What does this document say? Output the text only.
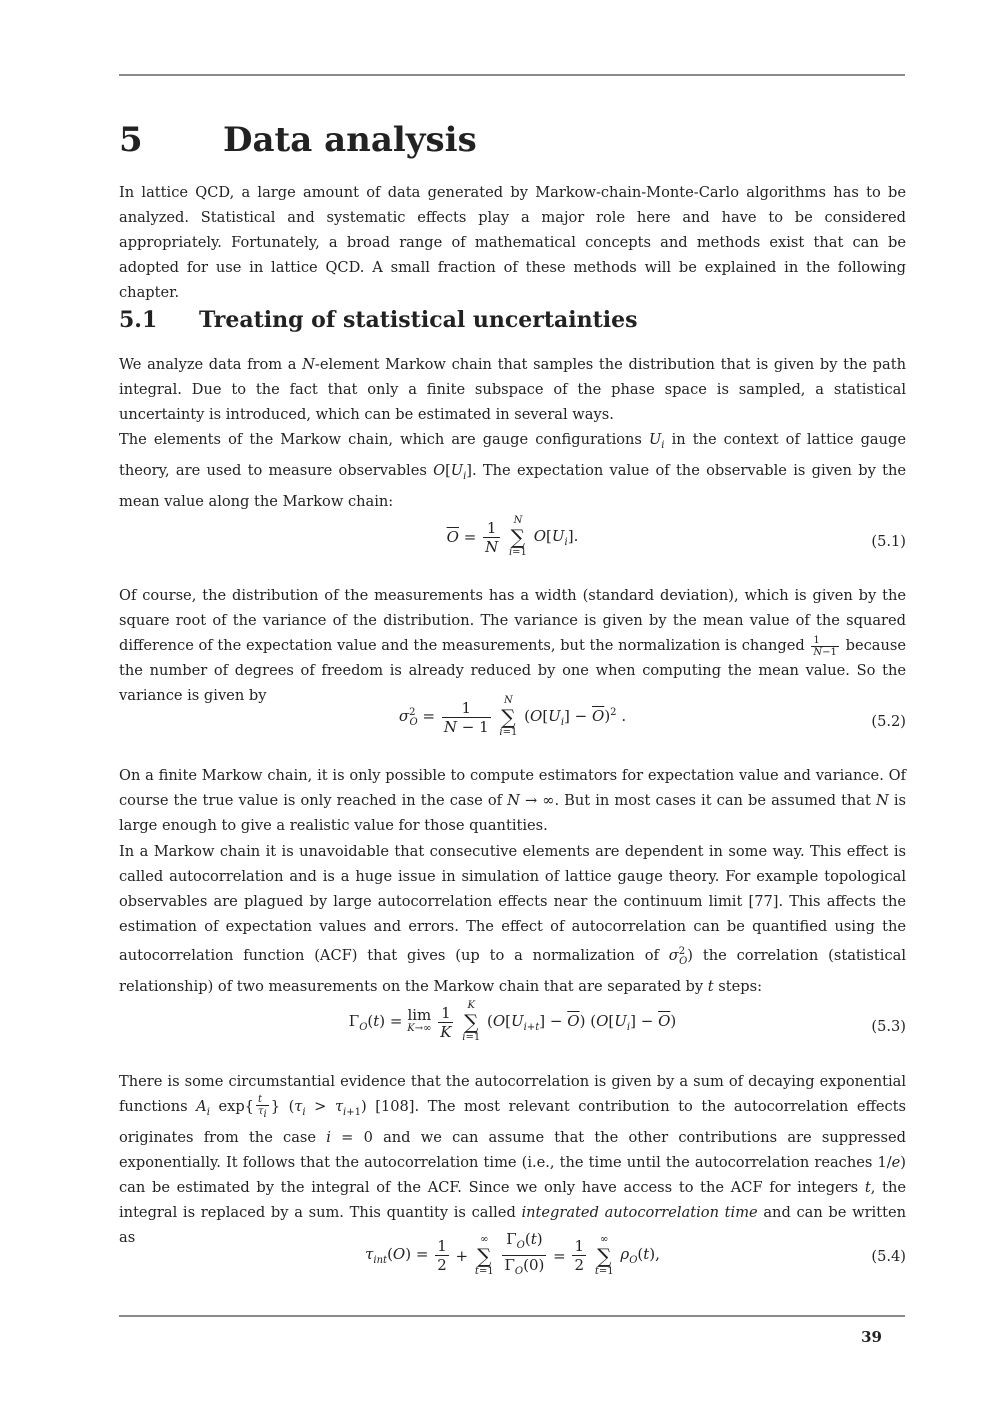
5 Data analysis

In lattice QCD, a large amount of data generated by Markow-chain-Monte-Carlo algorithms has to be analyzed. Statistical and systematic effects play a major role here and have to be considered appropriately. Fortunately, a broad range of mathematical concepts and methods exist that can be adopted for use in lattice QCD. A small fraction of these methods will be explained in the following chapter.

5.1 Treating of statistical uncertainties

We analyze data from a N-element Markow chain that samples the distribution that is given by the path integral. Due to the fact that only a finite subspace of the phase space is sampled, a statistical uncertainty is introduced, which can be estimated in several ways.

The elements of the Markow chain, which are gauge configurations $U_i$ in the context of lattice gauge theory, are used to measure observables $O[U_i]$. The expectation value of the observable is given by the mean value along the Markow chain:

$\overline{O} = \frac{1}{N}$
	N
∑
i=1
$O[U_i]$.	(5.1)

Of course, the distribution of the measurements has a width (standard deviation), which is given by the square root of the variance of the distribution. The variance is given by the mean value of the squared difference of the expectation value and the measurements, but the normalization is changed $\frac{1}{N-1}$ because the number of degrees of freedom is already reduced by one when computing the mean value. So the variance is given by

$\sigma^2_O = \frac{1}{N - 1}$
	N
∑
i=1
$(O[U_i] - \overline{O})^2$ .	(5.2)

On a finite Markow chain, it is only possible to compute estimators for expectation value and variance. Of course the true value is only reached in the case of N → ∞. But in most cases it can be assumed that N is large enough to give a realistic value for those quantities.

In a Markow chain it is unavoidable that consecutive elements are dependent in some way. This effect is called autocorrelation and is a huge issue in simulation of lattice gauge theory. For example topological observables are plagued by large autocorrelation effects near the continuum limit [77]. This affects the estimation of expectation values and errors. The effect of autocorrelation can be quantified using the autocorrelation function (ACF) that gives (up to a normalization of $\sigma^2_O$) the correlation (statistical relationship) of two measurements on the Markow chain that are separated by t steps:

$\Gamma_O(t) = \lim$
K→∞
$\frac{1}{K}$
	K
∑
i=1
$(O[U_{i+t}] - \overline{O}) (O[U_i] - \overline{O})$	(5.3)

There is some circumstantial evidence that the autocorrelation is given by a sum of decaying exponential functions $A_i$ $\exp\{ \frac{t}{\tau_i}$ } $(\tau_i > \tau_{i+1})$ [108]. The most relevant contribution to the autocorrelation effects originates from the case i = 0 and we can assume that the other contributions are suppressed exponentially. It follows that the autocorrelation time (i.e., the time until the autocorrelation reaches 1/e) can be estimated by the integral of the ACF. Since we only have access to the ACF for integers t, the integral is replaced by a sum. This quantity is called integrated autocorrelation time and can be written as

$\tau_{int}(O) = \frac{1}{2}$ +
∞
∑
t=1
$\frac{\Gamma_O(t)}{\Gamma_O(0)} = \frac{1}{2}$
	∞
∑
t=1
$\rho_O(t)$,	(5.4)
39
